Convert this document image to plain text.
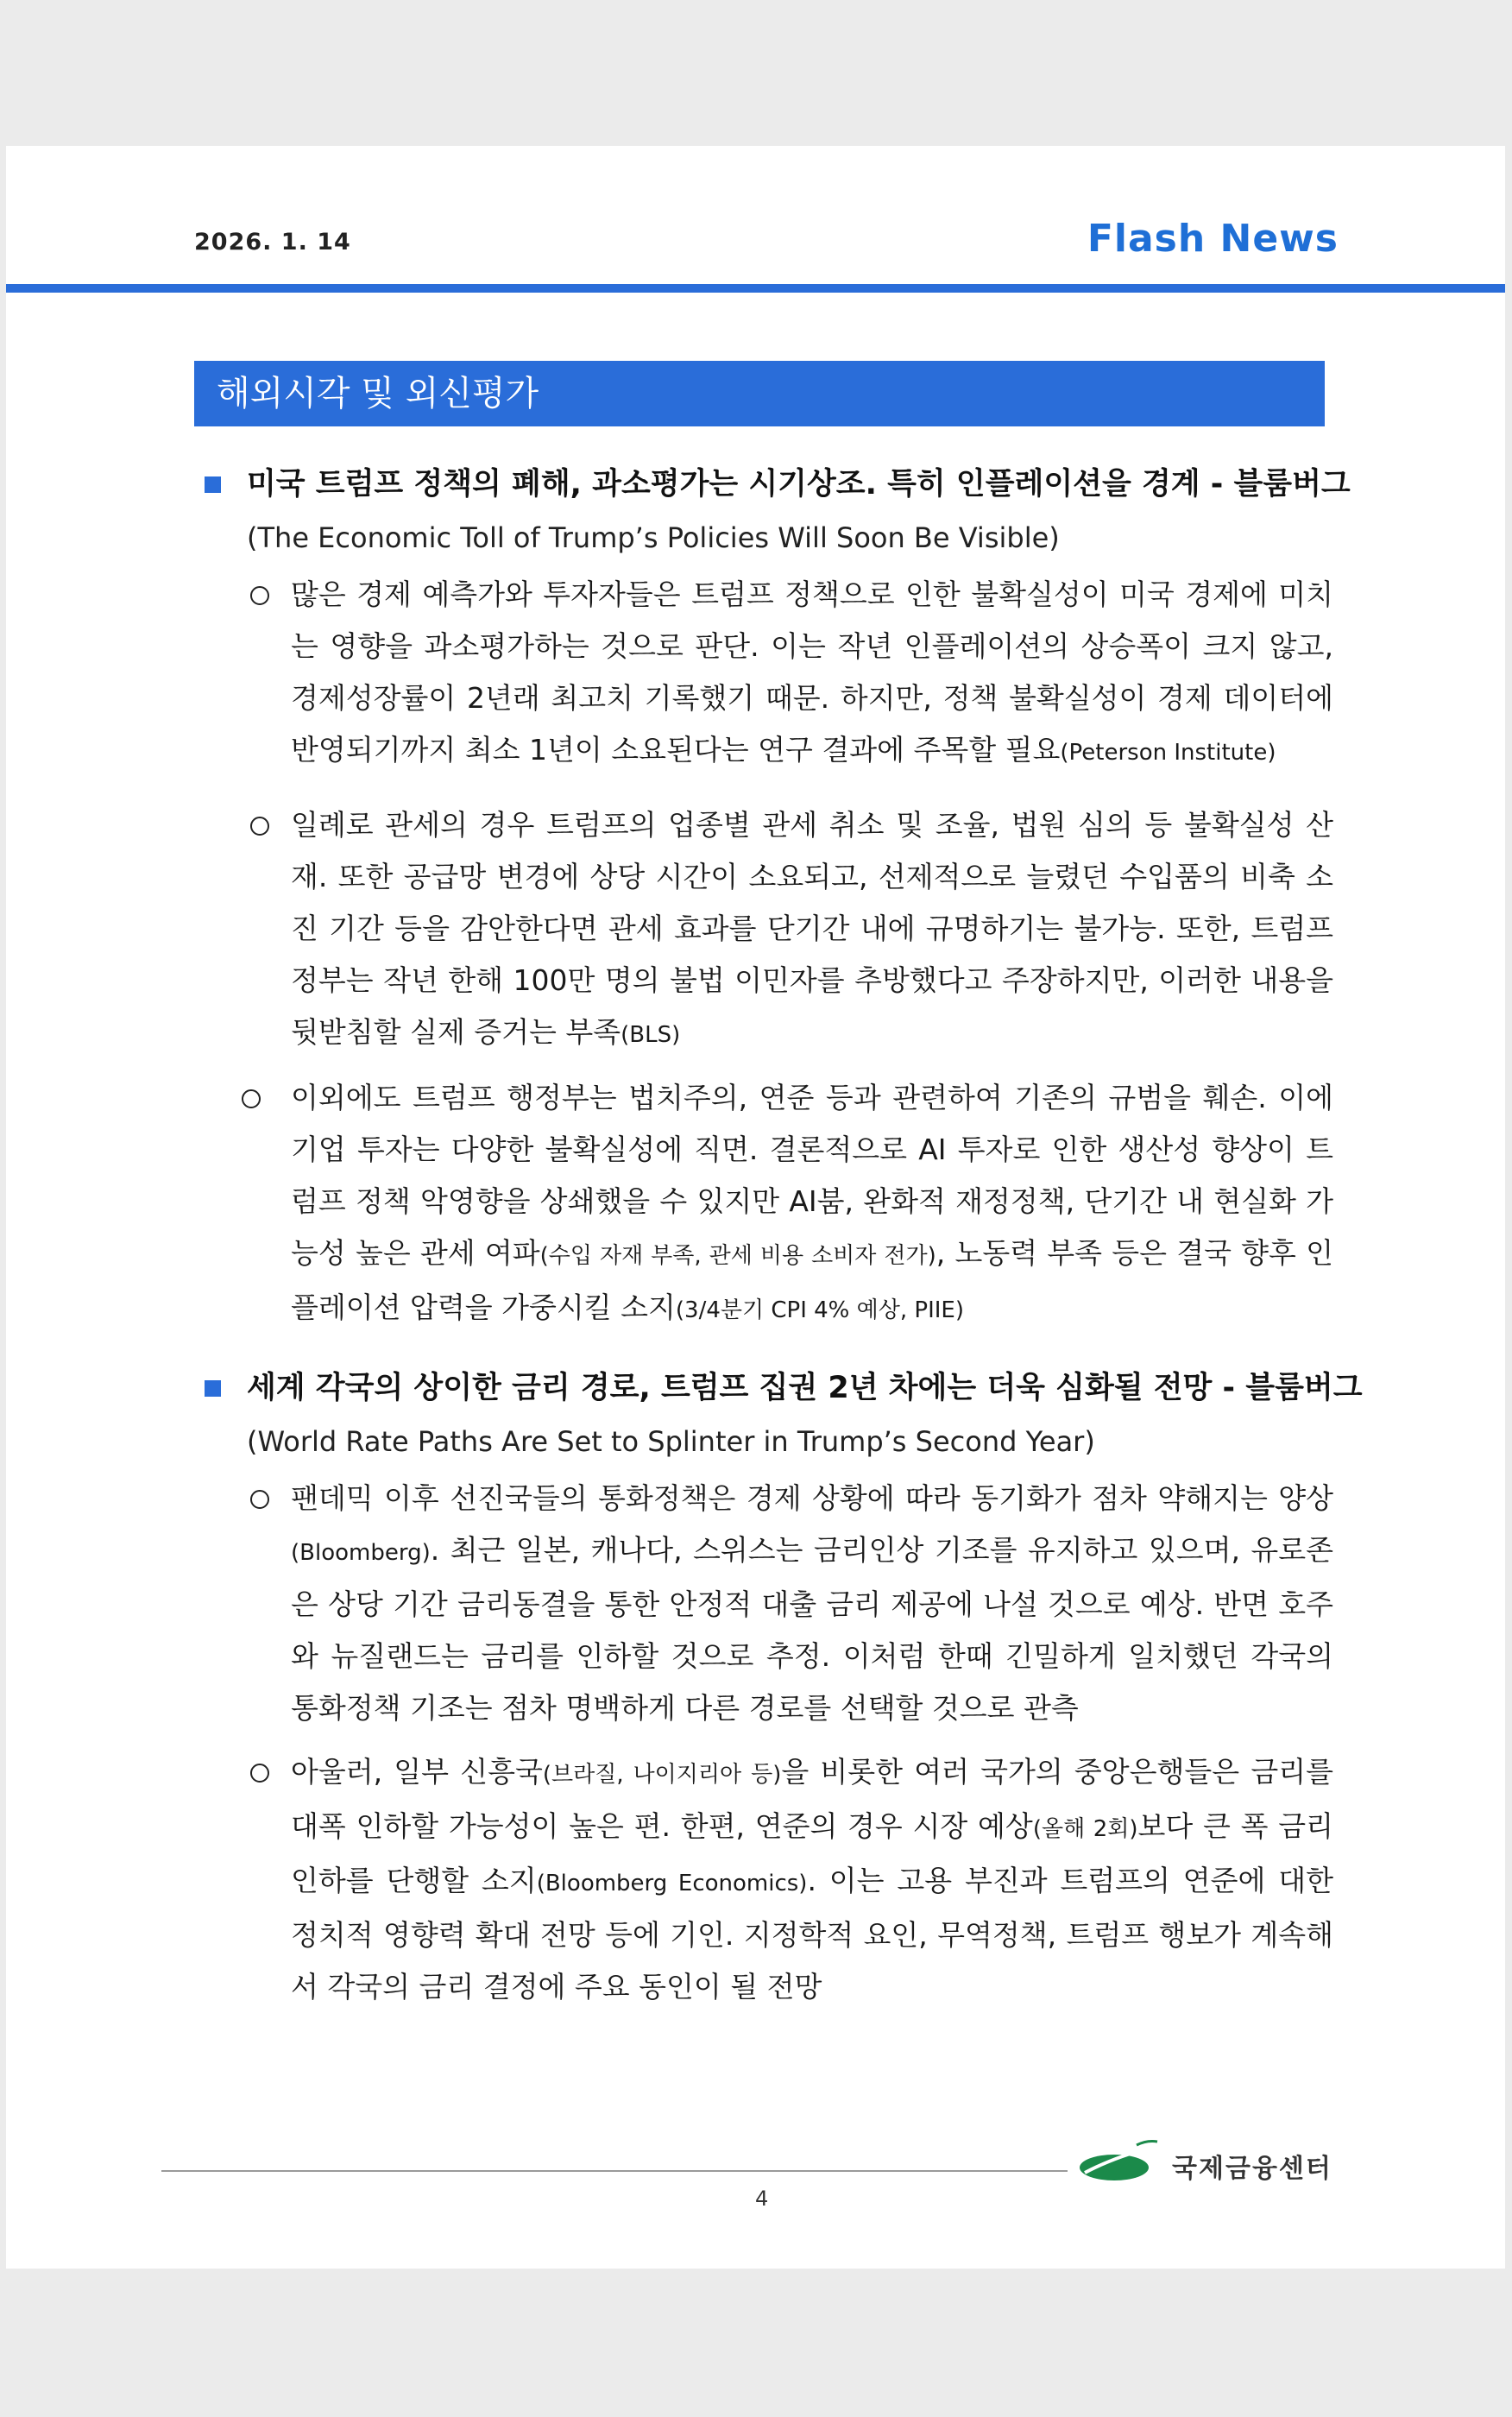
2026. 1. 14	Flash News
해외시각 및 외신평가
미국 트럼프 정책의 폐해, 과소평가는 시기상조. 특히 인플레이션을 경계 - 블룸버그
(The Economic Toll of Trump’s Policies Will Soon Be Visible)
많은 경제 예측가와 투자자들은 트럼프 정책으로 인한 불확실성이 미국 경제에 미치는 영향을 과소평가하는 것으로 판단. 이는 작년 인플레이션의 상승폭이 크지 않고, 경제성장률이 2년래 최고치 기록했기 때문. 하지만, 정책 불확실성이 경제 데이터에 반영되기까지 최소 1년이 소요된다는 연구 결과에 주목할 필요(Peterson Institute)
일례로 관세의 경우 트럼프의 업종별 관세 취소 및 조율, 법원 심의 등 불확실성 산재. 또한 공급망 변경에 상당 시간이 소요되고, 선제적으로 늘렸던 수입품의 비축 소진 기간 등을 감안한다면 관세 효과를 단기간 내에 규명하기는 불가능. 또한, 트럼프 정부는 작년 한해 100만 명의 불법 이민자를 추방했다고 주장하지만, 이러한 내용을 뒷받침할 실제 증거는 부족(BLS)
이외에도 트럼프 행정부는 법치주의, 연준 등과 관련하여 기존의 규범을 훼손. 이에 기업 투자는 다양한 불확실성에 직면. 결론적으로 AI 투자로 인한 생산성 향상이 트럼프 정책 악영향을 상쇄했을 수 있지만 AI붐, 완화적 재정정책, 단기간 내 현실화 가능성 높은 관세 여파(수입 자재 부족, 관세 비용 소비자 전가), 노동력 부족 등은 결국 향후 인플레이션 압력을 가중시킬 소지(3/4분기 CPI 4% 예상, PIIE)
세계 각국의 상이한 금리 경로, 트럼프 집권 2년 차에는 더욱 심화될 전망 - 블룸버그
(World Rate Paths Are Set to Splinter in Trump’s Second Year)
팬데믹 이후 선진국들의 통화정책은 경제 상황에 따라 동기화가 점차 약해지는 양상(Bloomberg). 최근 일본, 캐나다, 스위스는 금리인상 기조를 유지하고 있으며, 유로존은 상당 기간 금리동결을 통한 안정적 대출 금리 제공에 나설 것으로 예상. 반면 호주와 뉴질랜드는 금리를 인하할 것으로 추정. 이처럼 한때 긴밀하게 일치했던 각국의 통화정책 기조는 점차 명백하게 다른 경로를 선택할 것으로 관측
아울러, 일부 신흥국(브라질, 나이지리아 등)을 비롯한 여러 국가의 중앙은행들은 금리를 대폭 인하할 가능성이 높은 편. 한편, 연준의 경우 시장 예상(올해 2회)보다 큰 폭 금리인하를 단행할 소지(Bloomberg Economics). 이는 고용 부진과 트럼프의 연준에 대한 정치적 영향력 확대 전망 등에 기인. 지정학적 요인, 무역정책, 트럼프 행보가 계속해서 각국의 금리 결정에 주요 동인이 될 전망
국제금융센터
4
